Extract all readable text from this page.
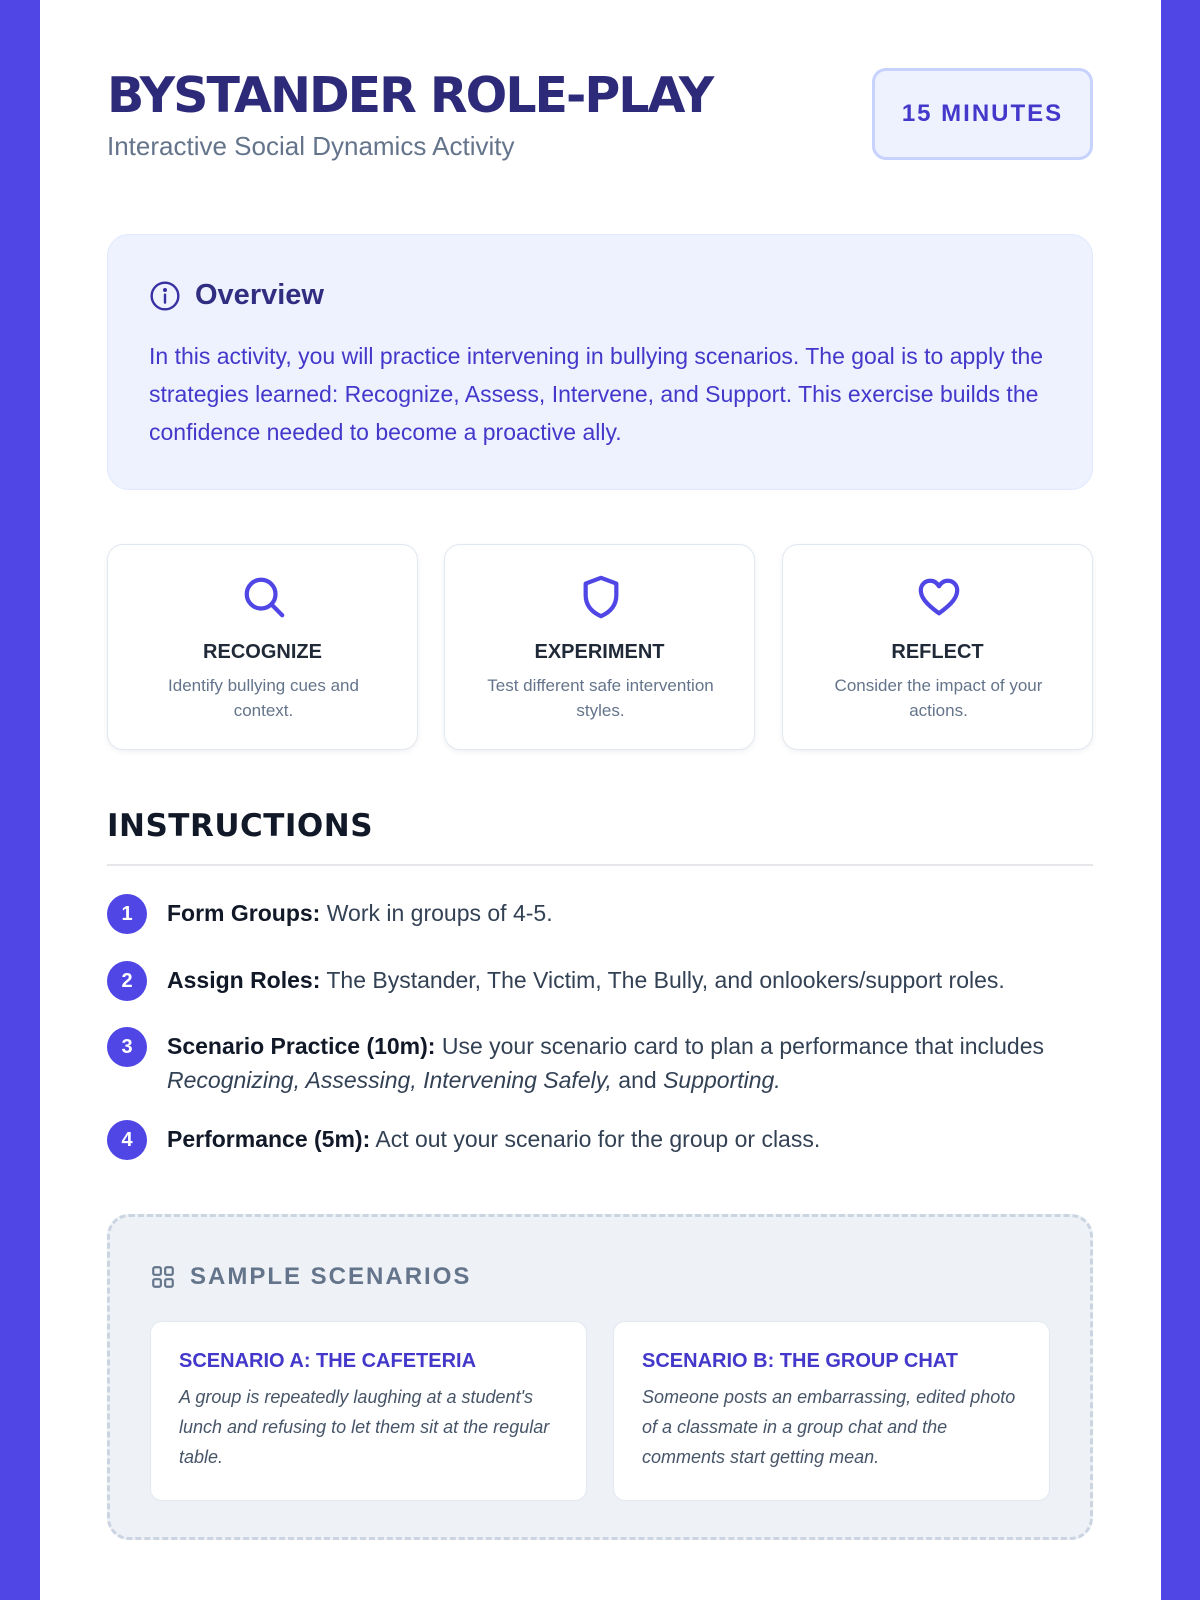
BYSTANDER ROLE-PLAY
Interactive Social Dynamics Activity
15 MINUTES
Overview

In this activity, you will practice intervening in bullying scenarios. The goal is to apply the strategies learned: Recognize, Assess, Intervene, and Support. This exercise builds the confidence needed to become a proactive ally.

RECOGNIZE
Identify bullying cues and context.
EXPERIMENT
Test different safe intervention styles.
REFLECT
Consider the impact of your actions.
INSTRUCTIONS
1	Form Groups: Work in groups of 4-5.
2	Assign Roles: The Bystander, The Victim, The Bully, and onlookers/support roles.
3	Scenario Practice (10m): Use your scenario card to plan a performance that includes Recognizing, Assessing, Intervening Safely, and Supporting.
4	Performance (5m): Act out your scenario for the group or class.
SAMPLE SCENARIOS
SCENARIO A: THE CAFETERIA
A group is repeatedly laughing at a student's lunch and refusing to let them sit at the regular table.
SCENARIO B: THE GROUP CHAT
Someone posts an embarrassing, edited photo of a classmate in a group chat and the comments start getting mean.
